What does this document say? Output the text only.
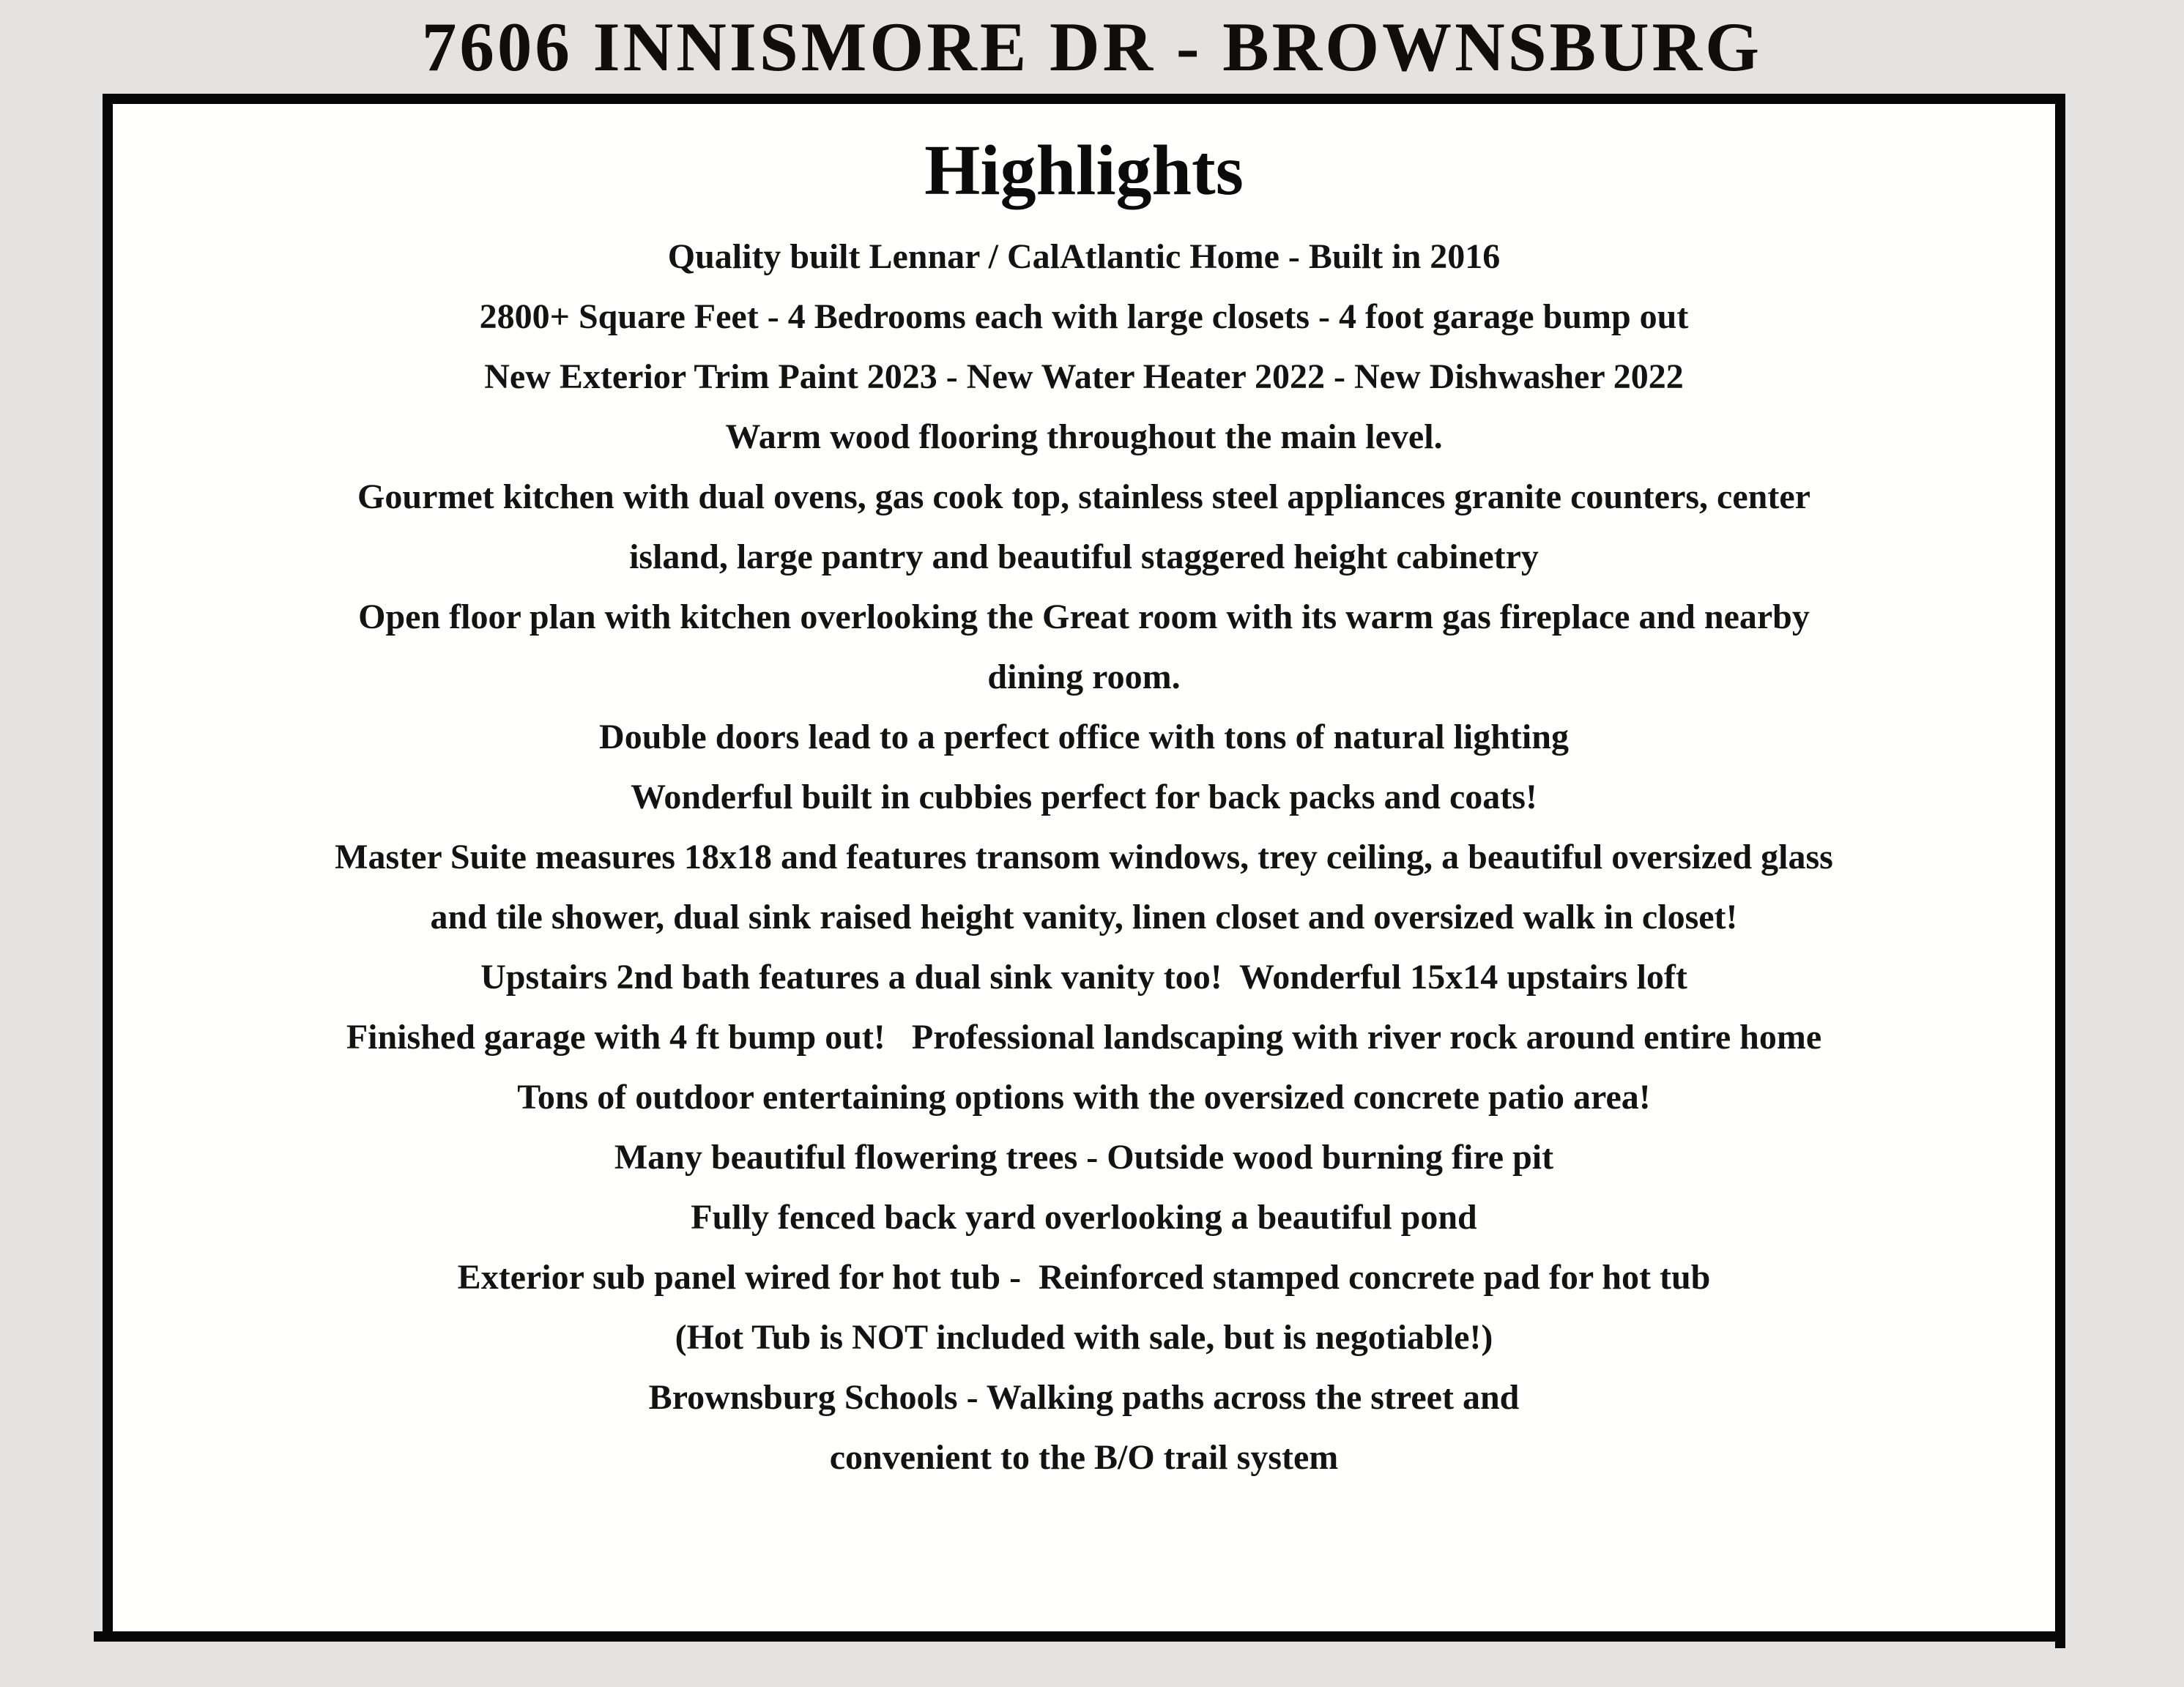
7606 INNISMORE DR - BROWNSBURG
Highlights
Quality built Lennar / CalAtlantic Home - Built in 2016
2800+ Square Feet - 4 Bedrooms each with large closets - 4 foot garage bump out
New Exterior Trim Paint 2023 - New Water Heater 2022 - New Dishwasher 2022
Warm wood flooring throughout the main level.
Gourmet kitchen with dual ovens, gas cook top, stainless steel appliances granite counters, center
island, large pantry and beautiful staggered height cabinetry
Open floor plan with kitchen overlooking the Great room with its warm gas fireplace and nearby
dining room.
Double doors lead to a perfect office with tons of natural lighting
Wonderful built in cubbies perfect for back packs and coats!
Master Suite measures 18x18 and features transom windows, trey ceiling, a beautiful oversized glass
and tile shower, dual sink raised height vanity, linen closet and oversized walk in closet!
Upstairs 2nd bath features a dual sink vanity too!  Wonderful 15x14 upstairs loft
Finished garage with 4 ft bump out!   Professional landscaping with river rock around entire home
Tons of outdoor entertaining options with the oversized concrete patio area!
Many beautiful flowering trees - Outside wood burning fire pit
Fully fenced back yard overlooking a beautiful pond
Exterior sub panel wired for hot tub -  Reinforced stamped concrete pad for hot tub
(Hot Tub is NOT included with sale, but is negotiable!)
Brownsburg Schools - Walking paths across the street and
convenient to the B/O trail system
